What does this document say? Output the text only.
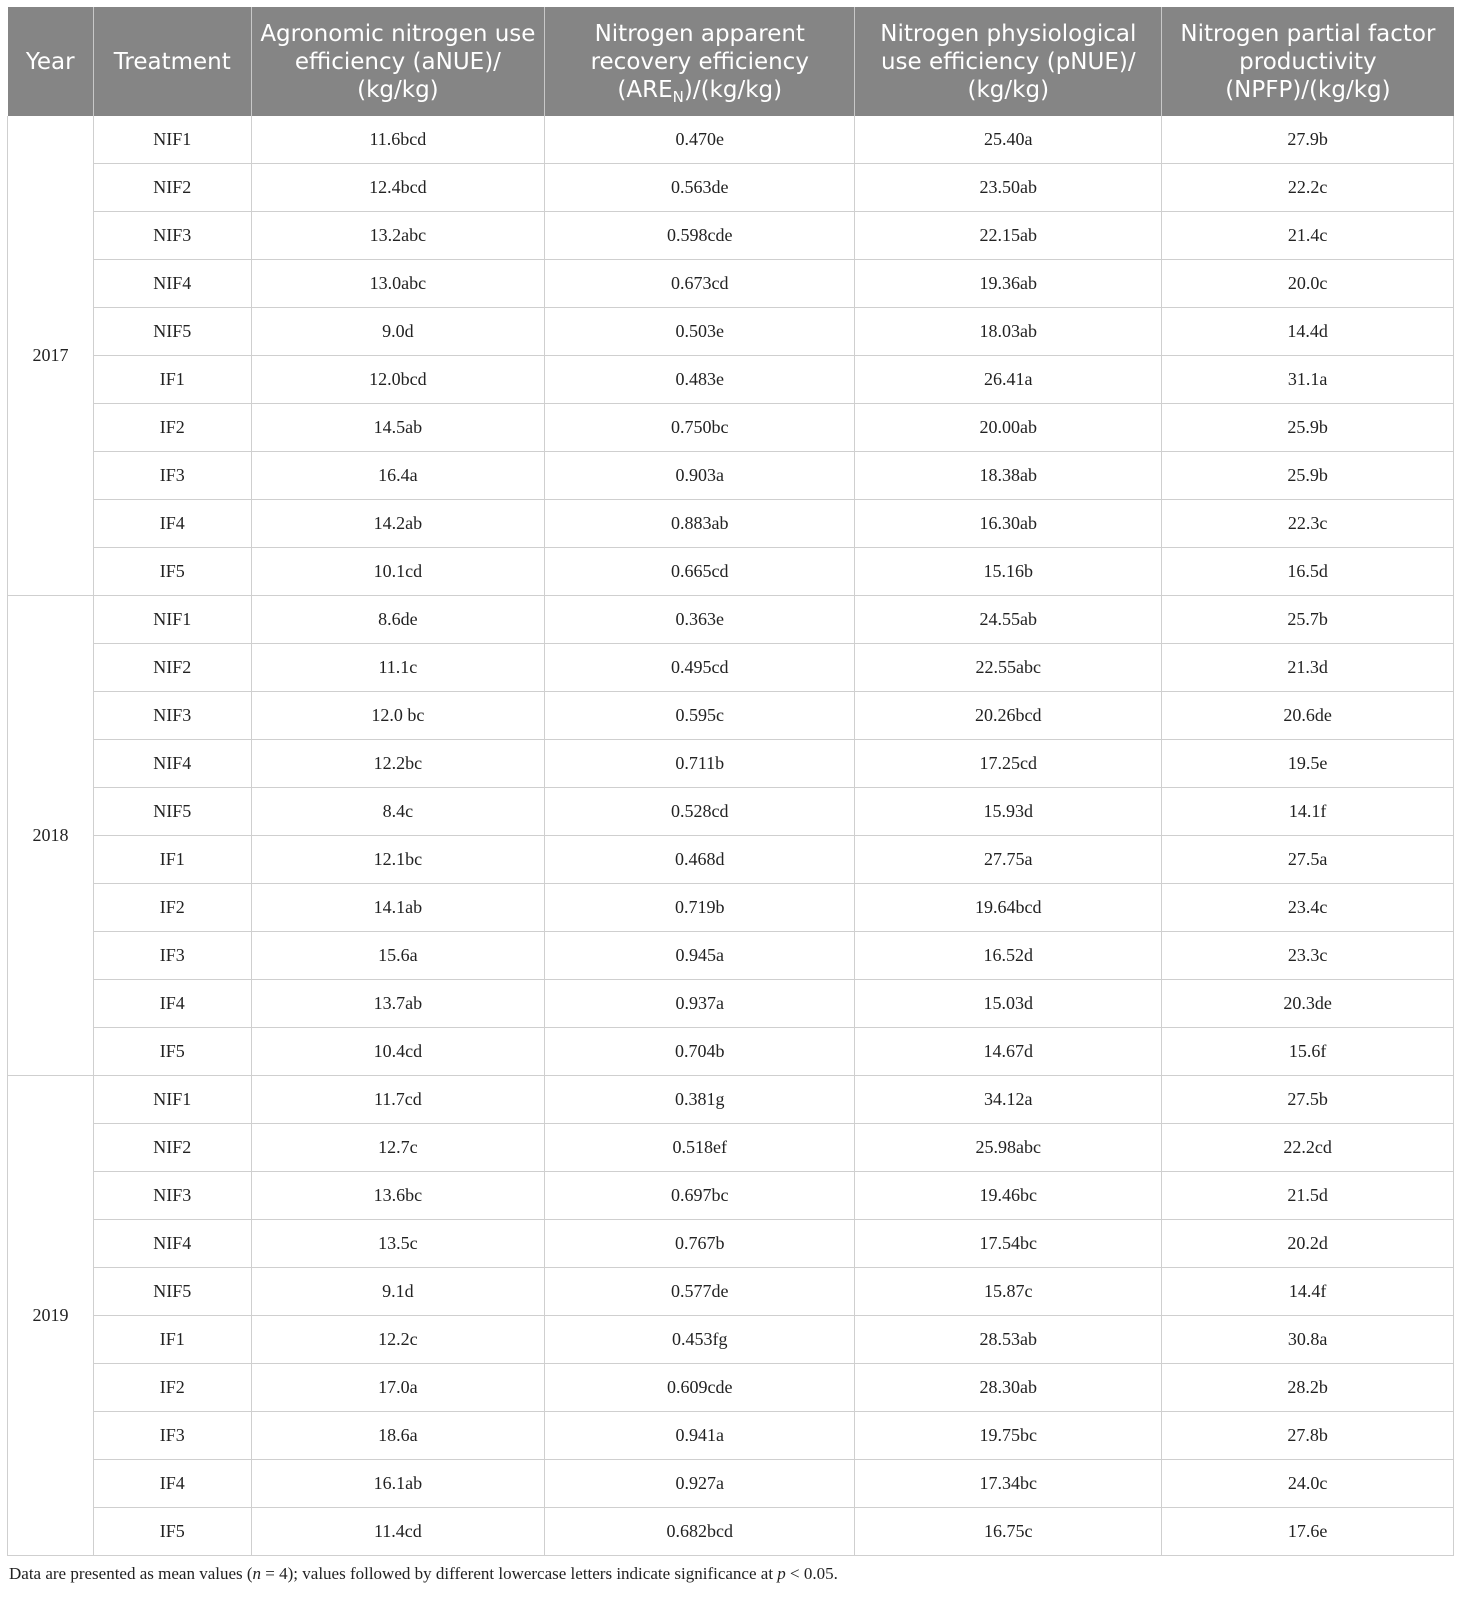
Year	Treatment	Agronomic nitrogen use efficiency (aNUE)/ (kg/kg)	Nitrogen apparent recovery efficiency $(ARE_N)/(kg/kg)$	Nitrogen physiological use efficiency (pNUE)/ (kg/kg)	Nitrogen partial factor productivity (NPFP)/(kg/kg)
2017	NIF1	11.6bcd	0.470e	25.40a	27.9b
	NIF2	12.4bcd	0.563de	23.50ab	22.2c
	NIF3	13.2abc	0.598cde	22.15ab	21.4c
	NIF4	13.0abc	0.673cd	19.36ab	20.0c
	NIF5	9.0d	0.503e	18.03ab	14.4d
	IF1	12.0bcd	0.483e	26.41a	31.1a
	IF2	14.5ab	0.750bc	20.00ab	25.9b
	IF3	16.4a	0.903a	18.38ab	25.9b
	IF4	14.2ab	0.883ab	16.30ab	22.3c
	IF5	10.1cd	0.665cd	15.16b	16.5d
2018	NIF1	8.6de	0.363e	24.55ab	25.7b
	NIF2	11.1c	0.495cd	22.55abc	21.3d
	NIF3	12.0 bc	0.595c	20.26bcd	20.6de
	NIF4	12.2bc	0.711b	17.25cd	19.5e
	NIF5	8.4c	0.528cd	15.93d	14.1f
	IF1	12.1bc	0.468d	27.75a	27.5a
	IF2	14.1ab	0.719b	19.64bcd	23.4c
	IF3	15.6a	0.945a	16.52d	23.3c
	IF4	13.7ab	0.937a	15.03d	20.3de
	IF5	10.4cd	0.704b	14.67d	15.6f
2019	NIF1	11.7cd	0.381g	34.12a	27.5b
	NIF2	12.7c	0.518ef	25.98abc	22.2cd
	NIF3	13.6bc	0.697bc	19.46bc	21.5d
	NIF4	13.5c	0.767b	17.54bc	20.2d
	NIF5	9.1d	0.577de	15.87c	14.4f
	IF1	12.2c	0.453fg	28.53ab	30.8a
	IF2	17.0a	0.609cde	28.30ab	28.2b
	IF3	18.6a	0.941a	19.75bc	27.8b
	IF4	16.1ab	0.927a	17.34bc	24.0c
	IF5	11.4cd	0.682bcd	16.75c	17.6e
Data are presented as mean values (n = 4); values followed by different lowercase letters indicate significance at p < 0.05.
